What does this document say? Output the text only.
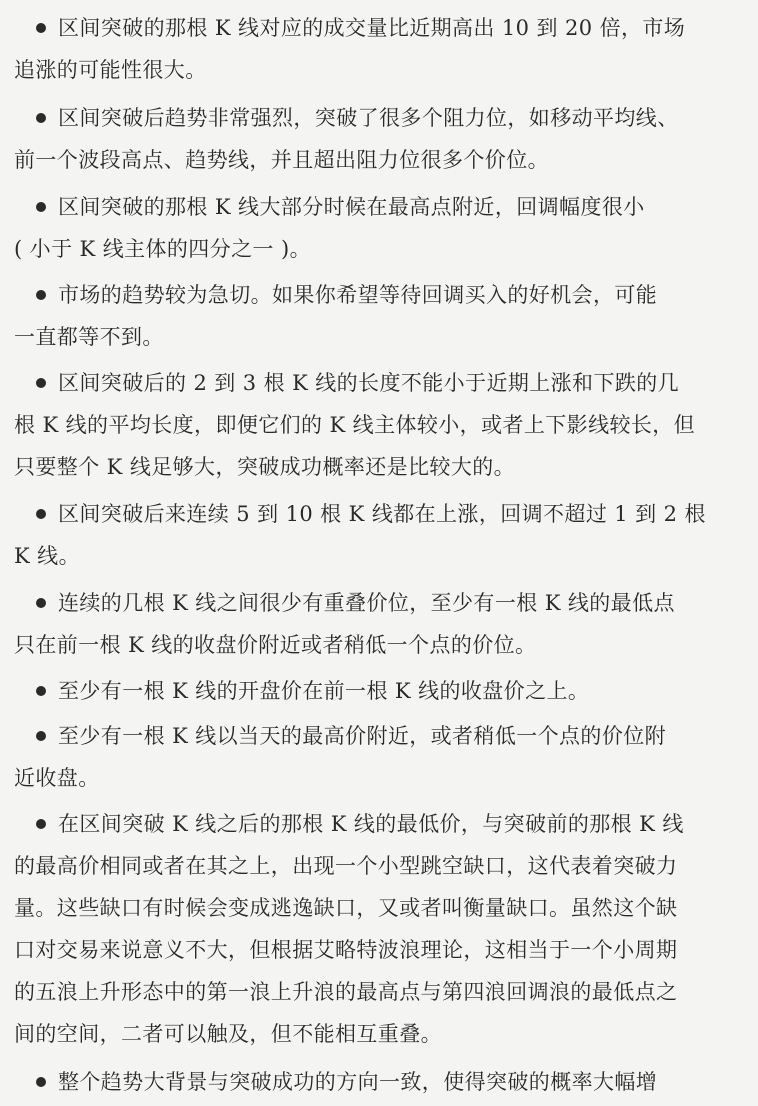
区间突破的那根 K 线对应的成交量比近期高出 10 到 20 倍，市场
追涨的可能性很大。
区间突破后趋势非常强烈，突破了很多个阻力位，如移动平均线、
前一个波段高点、趋势线，并且超出阻力位很多个价位。
区间突破的那根 K 线大部分时候在最高点附近，回调幅度很小
( 小于 K 线主体的四分之一 )。
市场的趋势较为急切。如果你希望等待回调买入的好机会，可能
一直都等不到。
区间突破后的 2 到 3 根 K 线的长度不能小于近期上涨和下跌的几
根 K 线的平均长度，即便它们的 K 线主体较小，或者上下影线较长，但
只要整个 K 线足够大，突破成功概率还是比较大的。
区间突破后来连续 5 到 10 根 K 线都在上涨，回调不超过 1 到 2 根
K 线。
连续的几根 K 线之间很少有重叠价位，至少有一根 K 线的最低点
只在前一根 K 线的收盘价附近或者稍低一个点的价位。
至少有一根 K 线的开盘价在前一根 K 线的收盘价之上。
至少有一根 K 线以当天的最高价附近，或者稍低一个点的价位附
近收盘。
在区间突破 K 线之后的那根 K 线的最低价，与突破前的那根 K 线
的最高价相同或者在其之上，出现一个小型跳空缺口，这代表着突破力
量。这些缺口有时候会变成逃逸缺口，又或者叫衡量缺口。虽然这个缺
口对交易来说意义不大，但根据艾略特波浪理论，这相当于一个小周期
的五浪上升形态中的第一浪上升浪的最高点与第四浪回调浪的最低点之
间的空间，二者可以触及，但不能相互重叠。
整个趋势大背景与突破成功的方向一致，使得突破的概率大幅增
